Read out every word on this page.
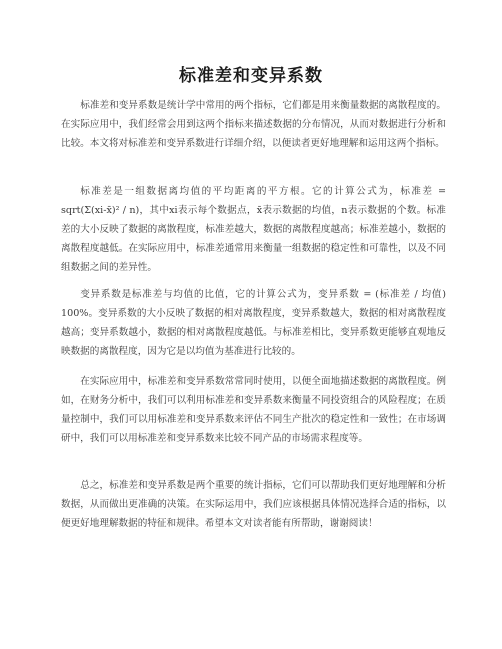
标准差和变异系数

标准差和变异系数是统计学中常用的两个指标，它们都是用来衡量数据的离散程度的。在实际应用中，我们经常会用到这两个指标来描述数据的分布情况，从而对数据进行分析和比较。本文将对标准差和变异系数进行详细介绍，以便读者更好地理解和运用这两个指标。

标准差是一组数据离均值的平均距离的平方根。它的计算公式为，标准差 = sqrt(Σ(xi-x̄)² / n)，其中xi表示每个数据点，x̄表示数据的均值，n表示数据的个数。标准差的大小反映了数据的离散程度，标准差越大，数据的离散程度越高；标准差越小，数据的离散程度越低。在实际应用中，标准差通常用来衡量一组数据的稳定性和可靠性，以及不同组数据之间的差异性。

变异系数是标准差与均值的比值，它的计算公式为，变异系数 = (标准差 / 均值) 100%。变异系数的大小反映了数据的相对离散程度，变异系数越大，数据的相对离散程度越高；变异系数越小，数据的相对离散程度越低。与标准差相比，变异系数更能够直观地反映数据的离散程度，因为它是以均值为基准进行比较的。

在实际应用中，标准差和变异系数常常同时使用，以便全面地描述数据的离散程度。例如，在财务分析中，我们可以利用标准差和变异系数来衡量不同投资组合的风险程度；在质量控制中，我们可以用标准差和变异系数来评估不同生产批次的稳定性和一致性；在市场调研中，我们可以用标准差和变异系数来比较不同产品的市场需求程度等。

总之，标准差和变异系数是两个重要的统计指标，它们可以帮助我们更好地理解和分析数据，从而做出更准确的决策。在实际运用中，我们应该根据具体情况选择合适的指标，以便更好地理解数据的特征和规律。希望本文对读者能有所帮助，谢谢阅读！
